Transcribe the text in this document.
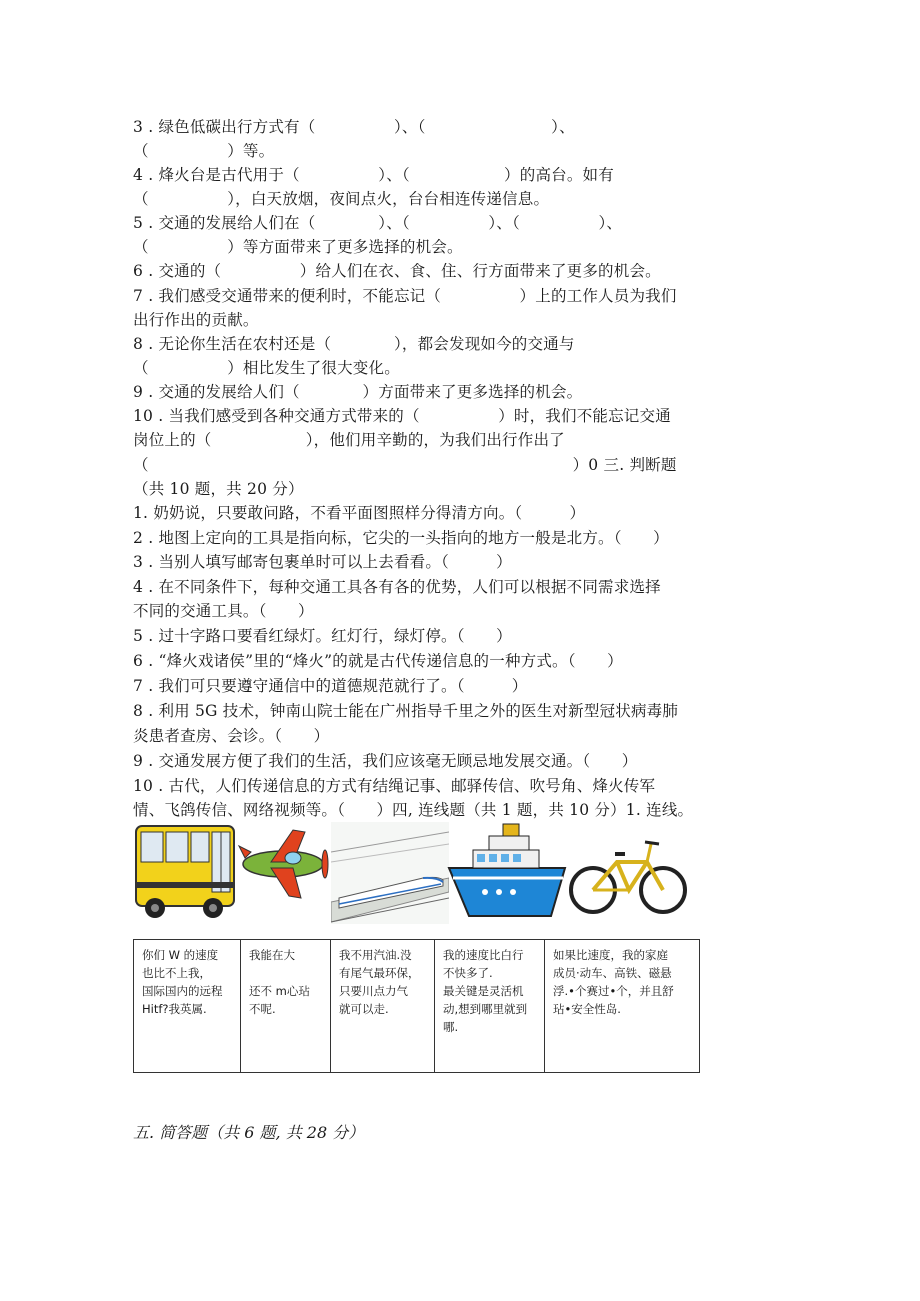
3 . 绿色低碳出行方式有（　　　　　）、（　　　　　　　　）、
（　　　　　）等。
4 . 烽火台是古代用于（　　　　　）、（　　　　　　）的高台。如有
（　　　　　），白天放烟，夜间点火，台台相连传递信息。
5 . 交通的发展给人们在（　　　　）、（　　　　　）、（　　　　　）、
（　　　　　）等方面带来了更多选择的机会。
6 . 交通的（　　　　　）给人们在衣、食、住、行方面带来了更多的机会。
7 . 我们感受交通带来的便利时，不能忘记（　　　　　）上的工作人员为我们
出行作出的贡献。
8 . 无论你生活在农村还是（　　　　），都会发现如今的交通与
（　　　　　）相比发生了很大变化。
9 . 交通的发展给人们（　　　　）方面带来了更多选择的机会。
10 . 当我们感受到各种交通方式带来的（　　　　　）时，我们不能忘记交通
岗位上的（　　　　　　），他们用辛勤的，为我们出行作出了
（　　　　　　　　　　　　　　　　　　　　　　　　　　　）0 三. 判断题
（共 10 题，共 20 分）
1. 奶奶说，只要敢问路，不看平面图照样分得清方向。（　　　）
2 . 地图上定向的工具是指向标，它尖的一头指向的地方一般是北方。（　　）
3 . 当别人填写邮寄包裹单时可以上去看看。（　　　）
4 . 在不同条件下，每种交通工具各有各的优势，人们可以根据不同需求选择
不同的交通工具。（　　）
5 . 过十字路口要看红绿灯。红灯行，绿灯停。（　　）
6 . “烽火戏诸侯”里的“烽火”的就是古代传递信息的一种方式。（　　）
7 . 我们可只要遵守通信中的道德规范就行了。（　　　）
8 . 利用 5G 技术，钟南山院士能在广州指导千里之外的医生对新型冠状病毒肺
炎患者查房、会诊。（　　）
9 . 交通发展方便了我们的生活，我们应该毫无顾忌地发展交通。（　　）
10 . 古代，人们传递信息的方式有结绳记事、邮驿传信、吹号角、烽火传军
情、飞鸽传信、网络视频等。（　　）四, 连线题（共 1 题，共 10 分）1. 连线。
你们 W 的速度
也比不上我，
国际国内的远程
Hitf?我英属.

我能在大

还不 m心玷
不呢.

我不用汽油.没
有尾气最环保，
只要川点力气
就可以走.

我的速度比白行
不快多了.
最关键是灵活机
动,想到哪里就到
哪.

如果比速度，我的家庭
成员·动车、高铁、磁悬
浮.•个赛过•个，并且舒
玷•安全性岛.
五. 简答题（共 6 题, 共 28 分）
